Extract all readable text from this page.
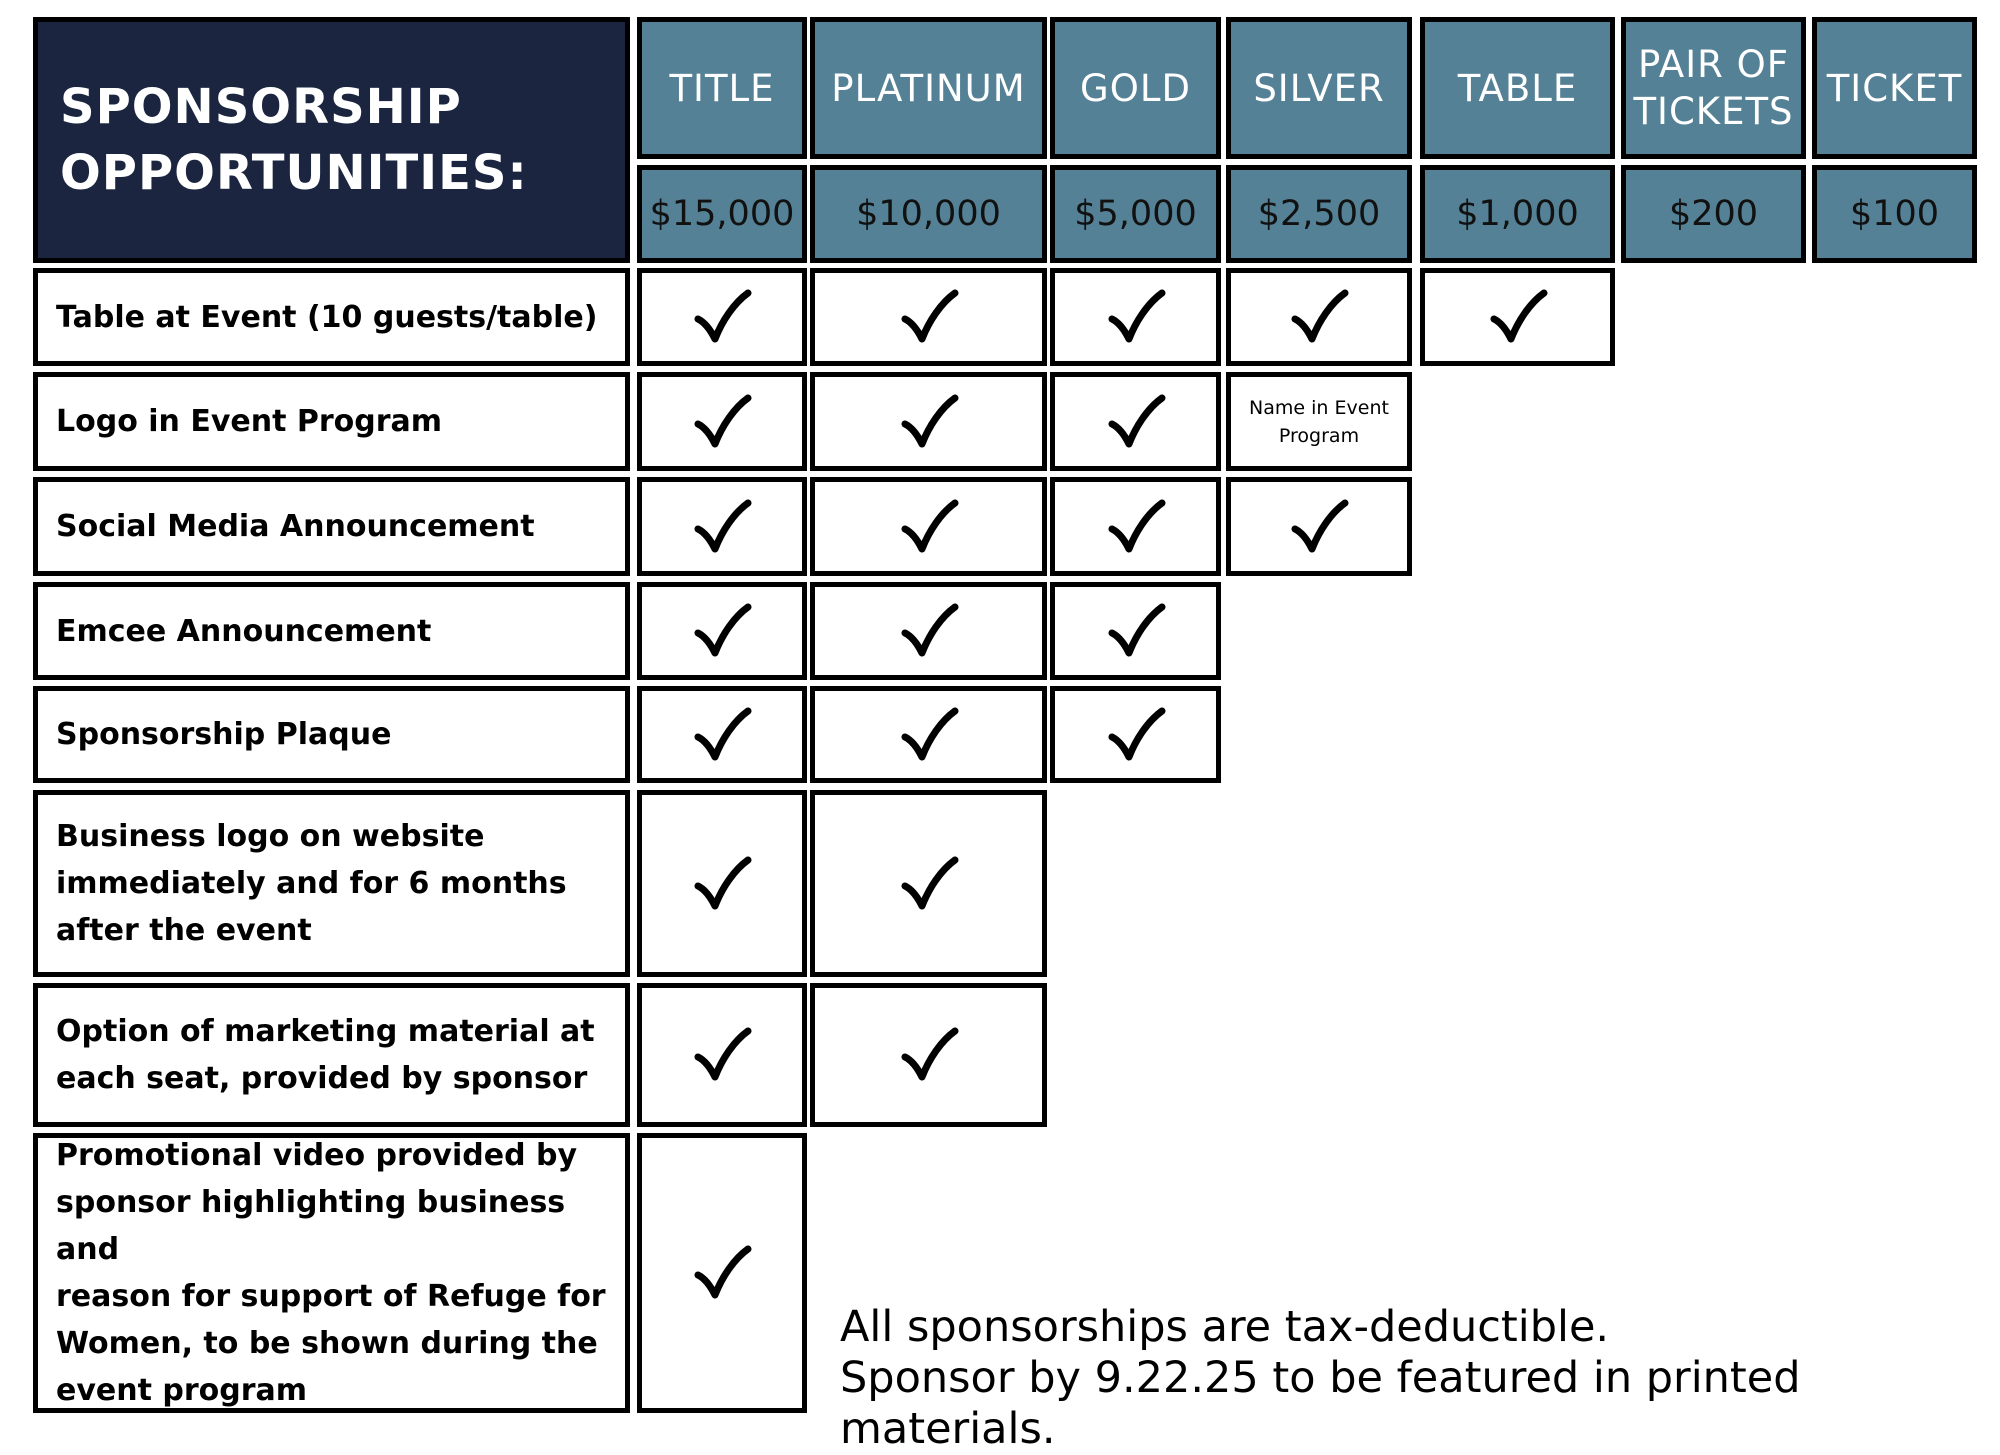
SPONSORSHIP
OPPORTUNITIES:
TITLE
$15,000
PLATINUM
$10,000
GOLD
$5,000
SILVER
$2,500
TABLE
$1,000
PAIR OF
TICKETS
$200
TICKET
$100
Table at Event (10 guests/table)
Logo in Event Program	Name in Event
Program
Social Media Announcement
Emcee Announcement
Sponsorship Plaque
Business logo on website
immediately and for 6 months
after the event
Option of marketing material at
each seat, provided by sponsor
Promotional video provided by
sponsor highlighting business and
reason for support of Refuge for
Women, to be shown during the
event program
All sponsorships are tax-deductible.
Sponsor by 9.22.25 to be featured in printed materials.
